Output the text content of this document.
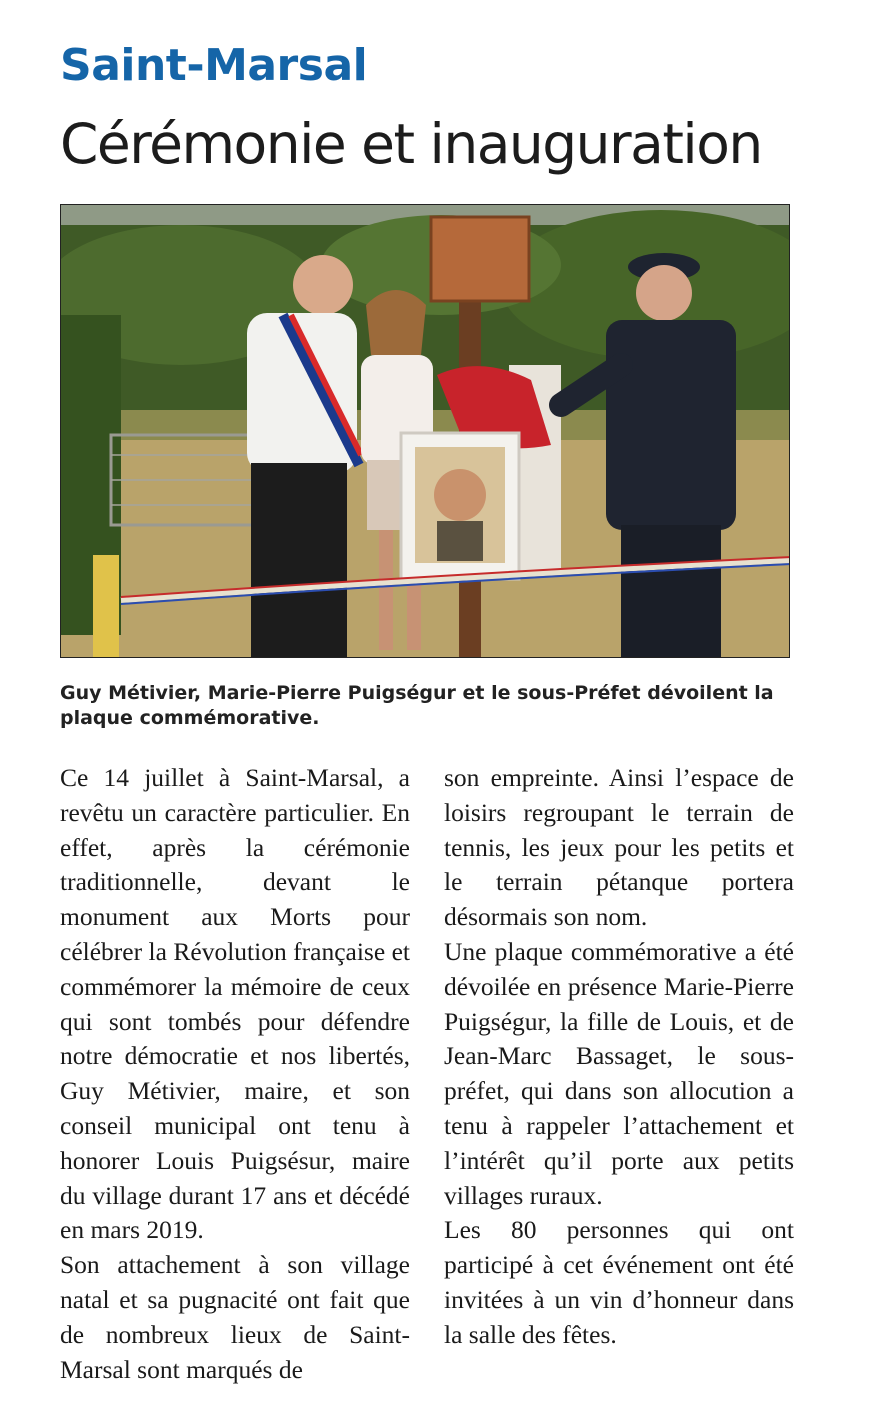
Saint-Marsal
Cérémonie et inauguration
Guy Métivier, Marie-Pierre Puigségur et le sous-Préfet dévoilent la plaque commémorative.

Ce 14 juillet à Saint-Marsal, a revêtu un caractère particulier. En effet, après la cérémonie traditionnelle, devant le monument aux Morts pour célébrer la Révolution française et commémorer la mémoire de ceux qui sont tombés pour défendre notre démocratie et nos libertés, Guy Métivier, maire, et son conseil municipal ont tenu à honorer Louis Puigsésur, maire du village durant 17 ans et décédé en mars 2019.

Son attachement à son village natal et sa pugnacité ont fait que de nombreux lieux de Saint-Marsal sont marqués de

son empreinte. Ainsi l’espace de loisirs regroupant le terrain de tennis, les jeux pour les petits et le terrain pétanque portera désormais son nom.

Une plaque commémorative a été dévoilée en présence Marie-Pierre Puigségur, la fille de Louis, et de Jean-Marc Bassaget, le sous-préfet, qui dans son allocution a tenu à rappeler l’attachement et l’intérêt qu’il porte aux petits villages ruraux.

Les 80 personnes qui ont participé à cet événement ont été invitées à un vin d’honneur dans la salle des fêtes.
